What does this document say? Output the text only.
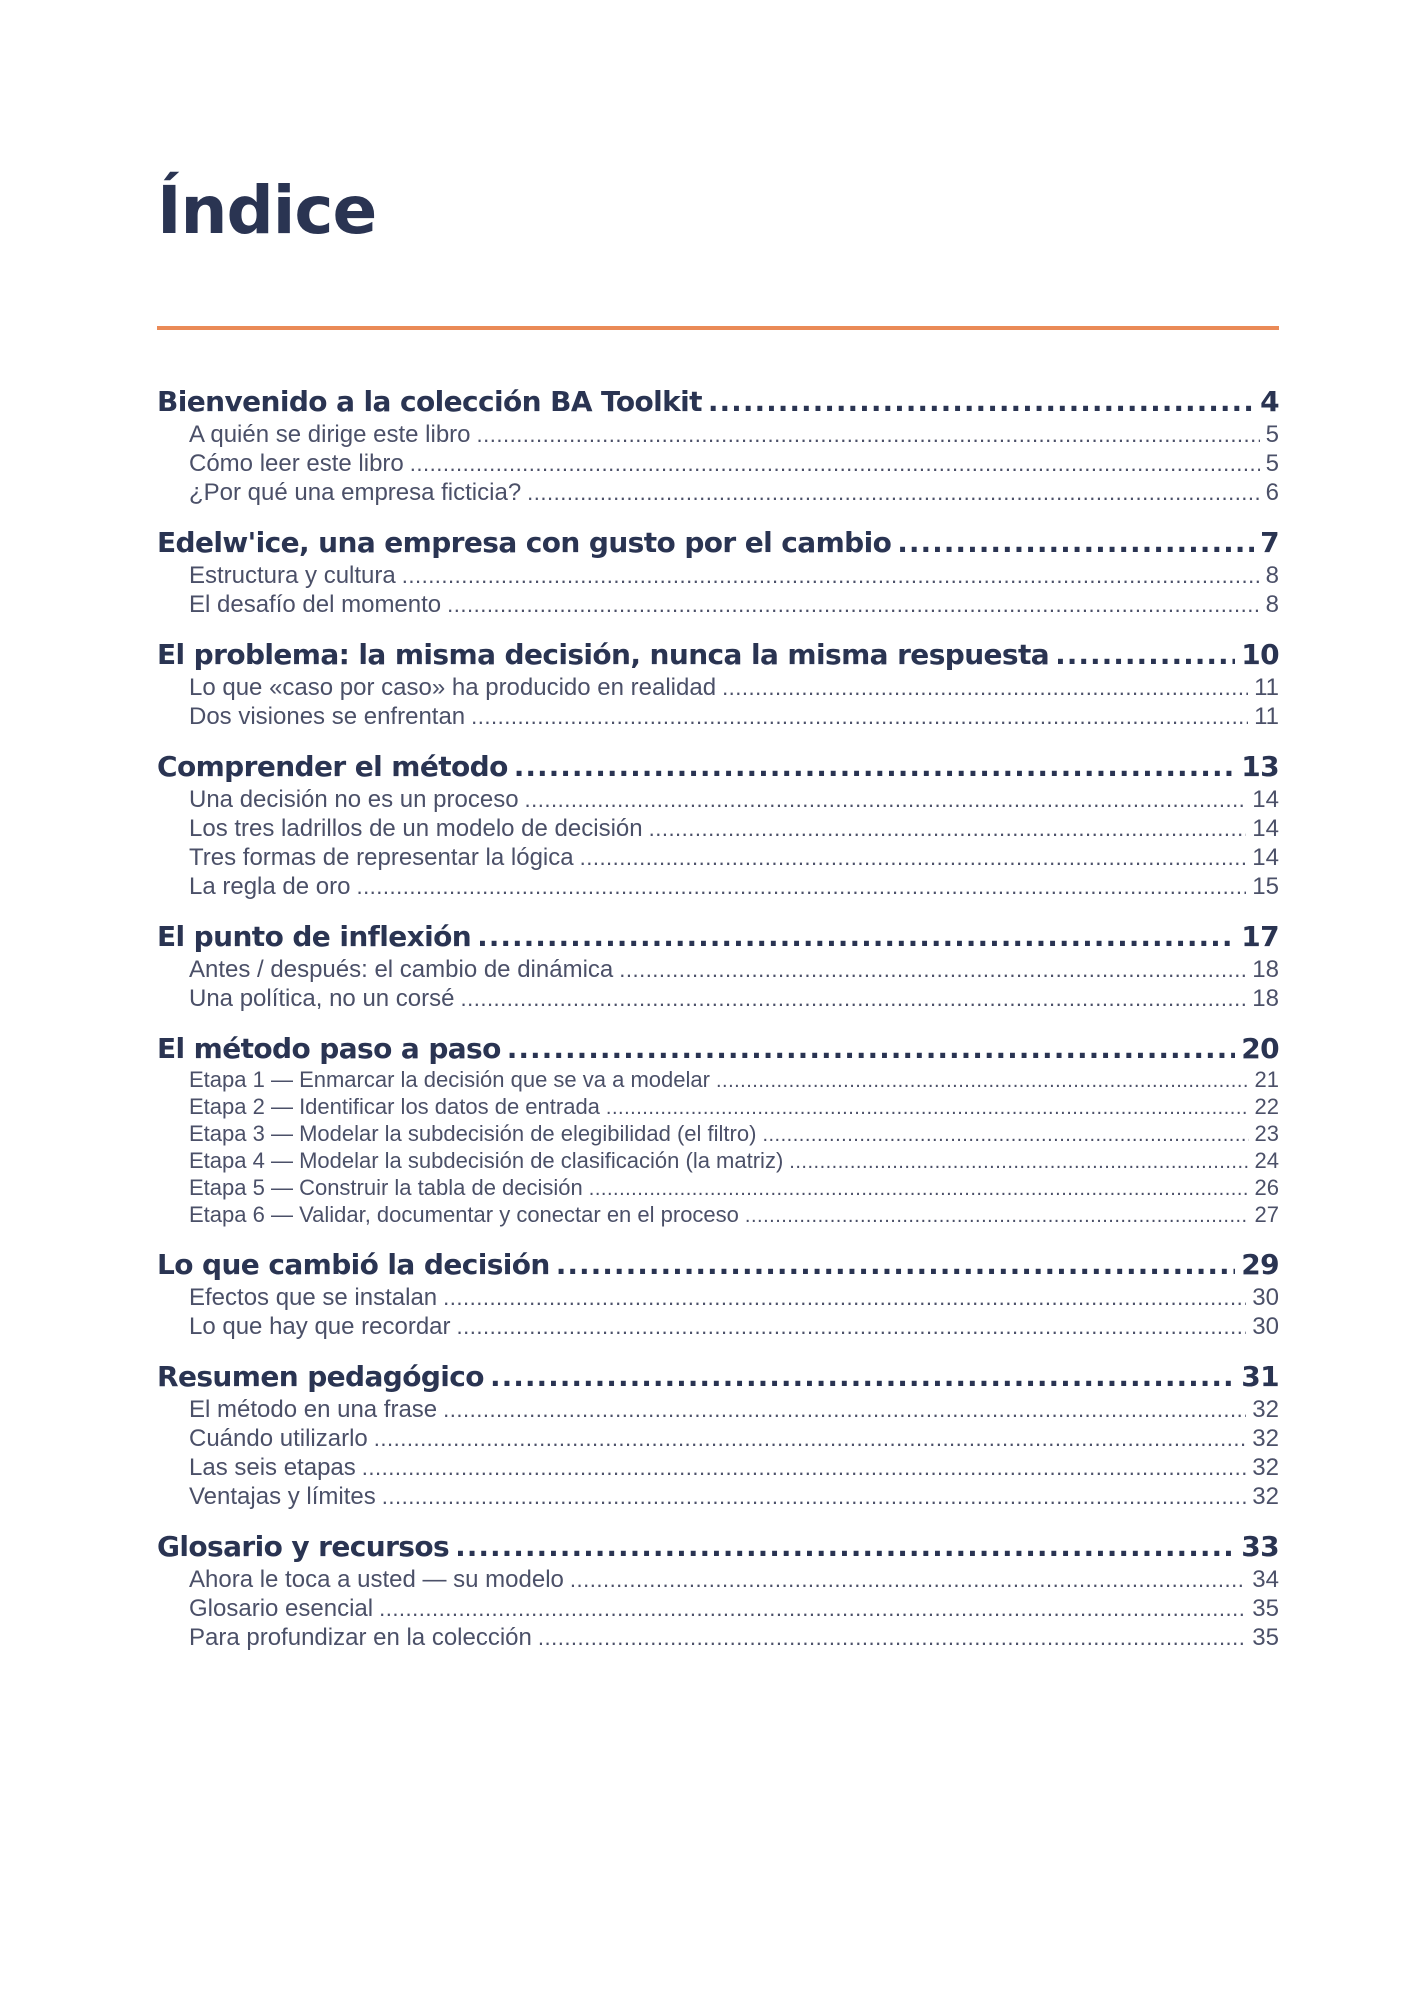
Índice
Bienvenido a la colección BA Toolkit .....	4
A quién se dirige este libro .....	5
Cómo leer este libro .....	5
¿Por qué una empresa ficticia? .....	6
Edelw'ice, una empresa con gusto por el cambio .....	7
Estructura y cultura .....	8
El desafío del momento .....	8
El problema: la misma decisión, nunca la misma respuesta .....	10
Lo que «caso por caso» ha producido en realidad .....	11
Dos visiones se enfrentan .....	11
Comprender el método .....	13
Una decisión no es un proceso .....	14
Los tres ladrillos de un modelo de decisión .....	14
Tres formas de representar la lógica .....	14
La regla de oro .....	15
El punto de inflexión .....	17
Antes / después: el cambio de dinámica .....	18
Una política, no un corsé .....	18
El método paso a paso .....	20
Etapa 1 — Enmarcar la decisión que se va a modelar .....	21
Etapa 2 — Identificar los datos de entrada .....	22
Etapa 3 — Modelar la subdecisión de elegibilidad (el filtro) .....	23
Etapa 4 — Modelar la subdecisión de clasificación (la matriz) .....	24
Etapa 5 — Construir la tabla de decisión .....	26
Etapa 6 — Validar, documentar y conectar en el proceso .....	27
Lo que cambió la decisión .....	29
Efectos que se instalan .....	30
Lo que hay que recordar .....	30
Resumen pedagógico .....	31
El método en una frase .....	32
Cuándo utilizarlo .....	32
Las seis etapas .....	32
Ventajas y límites .....	32
Glosario y recursos .....	33
Ahora le toca a usted — su modelo .....	34
Glosario esencial .....	35
Para profundizar en la colección .....	35
